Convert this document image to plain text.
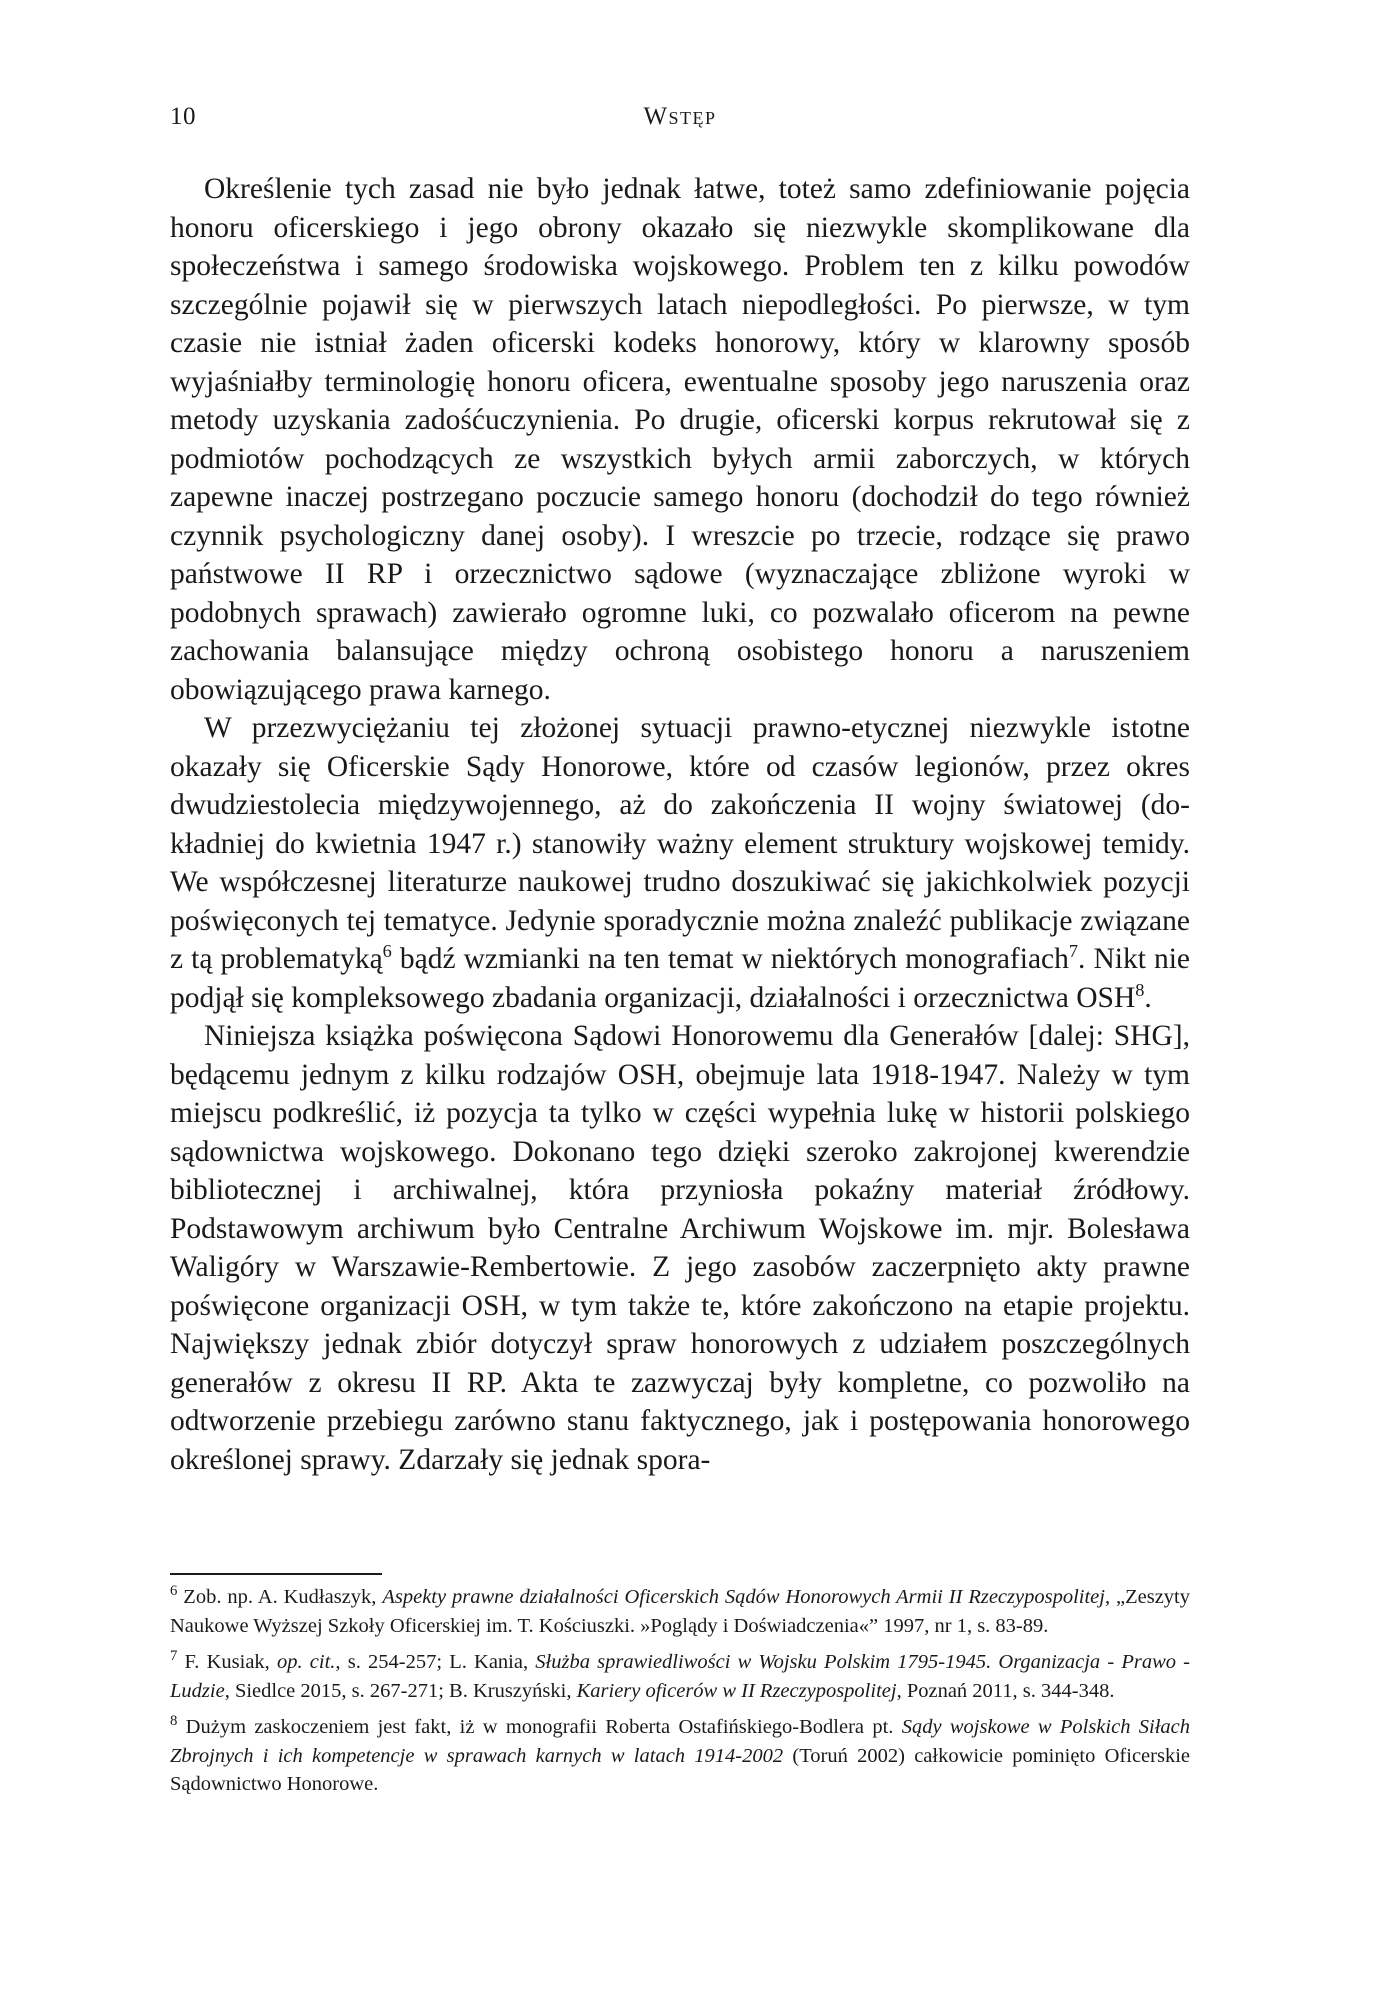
10	Wstęp

Określenie tych zasad nie było jednak łatwe, toteż samo zdefiniowanie pojęcia honoru oficerskiego i jego obrony okazało się niezwykle skomplikowane dla społeczeństwa i samego środowiska wojskowego. Problem ten z kilku powodów szczególnie pojawił się w pierwszych latach niepodległości. Po pierwsze, w tym czasie nie istniał żaden oficerski kodeks honorowy, który w klarowny sposób wyjaśniałby terminologię honoru oficera, ewentualne sposoby jego naruszenia oraz metody uzyskania zadośćuczynienia. Po drugie, oficerski korpus rekrutował się z podmiotów pochodzących ze wszystkich byłych armii zaborczych, w których zapewne inaczej postrzegano poczucie samego honoru (dochodził do tego również czynnik psychologiczny danej osoby). I wreszcie po trzecie, rodzące się prawo państwowe II RP i orzecznictwo sądowe (wyznaczające zbliżone wyroki w podobnych sprawach) zawierało ogromne luki, co pozwalało oficerom na pewne zachowania balansujące między ochroną osobistego honoru a naruszeniem obowiązującego prawa karnego.

W przezwyciężaniu tej złożonej sytuacji prawno-etycznej niezwykle istotne okazały się Oficerskie Sądy Honorowe, które od czasów legionów, przez okres dwudziestolecia międzywojennego, aż do zakończenia II wojny światowej (dokładniej do kwietnia 1947 r.) stanowiły ważny element struktury wojskowej temidy. We współczesnej literaturze naukowej trudno doszukiwać się jakichkolwiek pozycji poświęconych tej tematyce. Jedynie sporadycznie można znaleźć publikacje związane z tą problematyką$^6$ bądź wzmianki na ten temat w niektórych monografiach$^7$. Nikt nie podjął się kompleksowego zbadania organizacji, działalności i orzecznictwa OSH$^8$.

Niniejsza książka poświęcona Sądowi Honorowemu dla Generałów [dalej: SHG], będącemu jednym z kilku rodzajów OSH, obejmuje lata 1918-1947. Należy w tym miejscu podkreślić, iż pozycja ta tylko w części wypełnia lukę w historii polskiego sądownictwa wojskowego. Dokonano tego dzięki szeroko zakrojonej kwerendzie bibliotecznej i archiwalnej, która przyniosła pokaźny materiał źródłowy. Podstawowym archiwum było Centralne Archiwum Wojskowe im. mjr. Bolesława Waligóry w Warszawie-Rembertowie. Z jego zasobów zaczerpnięto akty prawne poświęcone organizacji OSH, w tym także te, które zakończono na etapie projektu. Największy jednak zbiór dotyczył spraw honorowych z udziałem poszczególnych generałów z okresu II RP. Akta te zazwyczaj były kompletne, co pozwoliło na odtworzenie przebiegu zarówno stanu faktycznego, jak i postępowania honorowego określonej sprawy. Zdarzały się jednak spora-

$^6$ Zob. np. A. Kudłaszyk, Aspekty prawne działalności Oficerskich Sądów Honorowych Armii II Rzeczypospolitej, „Zeszyty Naukowe Wyższej Szkoły Oficerskiej im. T. Kościuszki. »Poglądy i Doświadczenia«” 1997, nr 1, s. 83-89.

$^7$ F. Kusiak, op. cit., s. 254-257; L. Kania, Służba sprawiedliwości w Wojsku Polskim 1795-1945. Organizacja - Prawo - Ludzie, Siedlce 2015, s. 267-271; B. Kruszyński, Kariery oficerów w II Rzeczypospolitej, Poznań 2011, s. 344-348.

$^8$ Dużym zaskoczeniem jest fakt, iż w monografii Roberta Ostafińskiego-Bodlera pt. Sądy wojskowe w Polskich Siłach Zbrojnych i ich kompetencje w sprawach karnych w latach 1914-2002 (Toruń 2002) całkowicie pominięto Oficerskie Sądownictwo Honorowe.
